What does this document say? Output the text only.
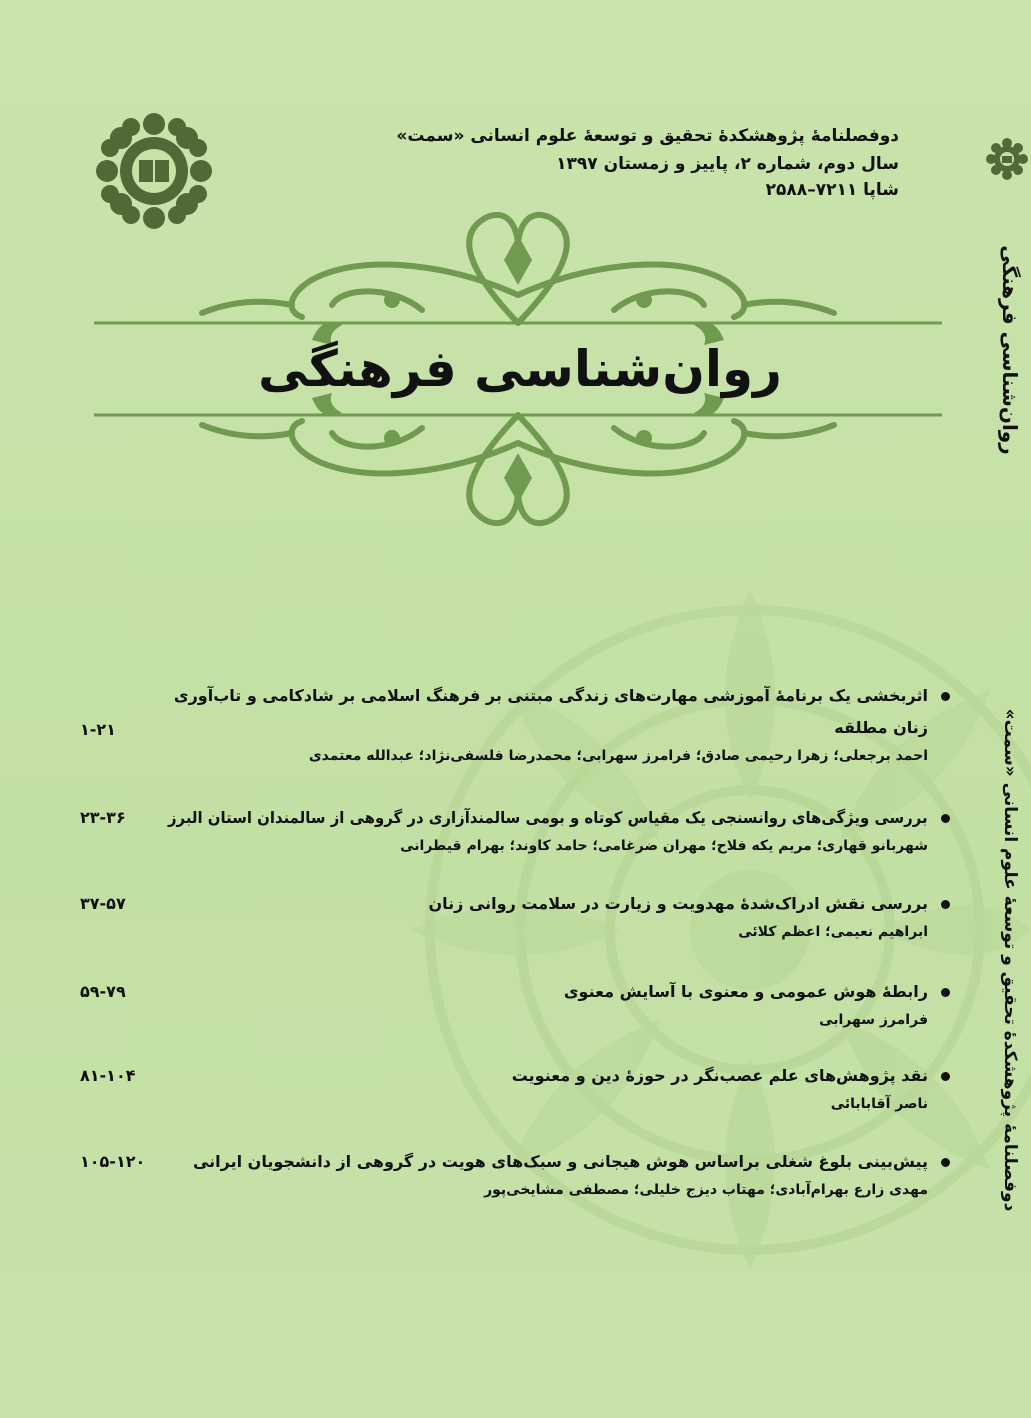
دوفصلنامهٔ پژوهشکدهٔ تحقیق و توسعهٔ علوم انسانی «سمت»
سال دوم، شماره ۲، پاییز و زمستان ۱۳۹۷
شاپا ۷۲۱۱–۲۵۸۸
روان‌شناسی فرهنگی	روان‌شناسی فرهنگی
دوفصلنامهٔ پژوهشکدهٔ تحقیق و توسعهٔ علوم انسانی «سمت»
اثربخشی یک برنامهٔ آموزشی مهارت‌های زندگی مبتنی بر فرهنگ اسلامی بر شادکامی و تاب‌آوری
زنان مطلقه
احمد برجعلی؛ زهرا رحیمی صادق؛ فرامرز سهرابی؛ محمدرضا فلسفی‌نژاد؛ عبدالله معتمدی
۱-۲۱
بررسی ویژگی‌های روانسنجی یک مقیاس کوتاه و بومی سالمندآزاری در گروهی از سالمندان استان البرز
شهربانو قهاری؛ مریم یکه فلاح؛ مهران ضرغامی؛ حامد کاوند؛ بهرام قیطرانی
۲۳-۳۶
بررسی نقش ادراک‌شدهٔ مهدویت و زیارت در سلامت روانی زنان
ابراهیم نعیمی؛ اعظم کلائی
۳۷-۵۷
رابطهٔ هوش عمومی و معنوی با آسایش معنوی
فرامرز سهرابی
۵۹-۷۹
نقد پژوهش‌های علم عصب‌نگر در حوزهٔ دین و معنویت
ناصر آقابابائی
۸۱-۱۰۴
پیش‌بینی بلوغ شغلی براساس هوش هیجانی و سبک‌های هویت در گروهی از دانشجویان ایرانی
مهدی زارع بهرام‌آبادی؛ مهتاب دیزج خلیلی؛ مصطفی مشایخی‌پور
۱۰۵-۱۲۰
